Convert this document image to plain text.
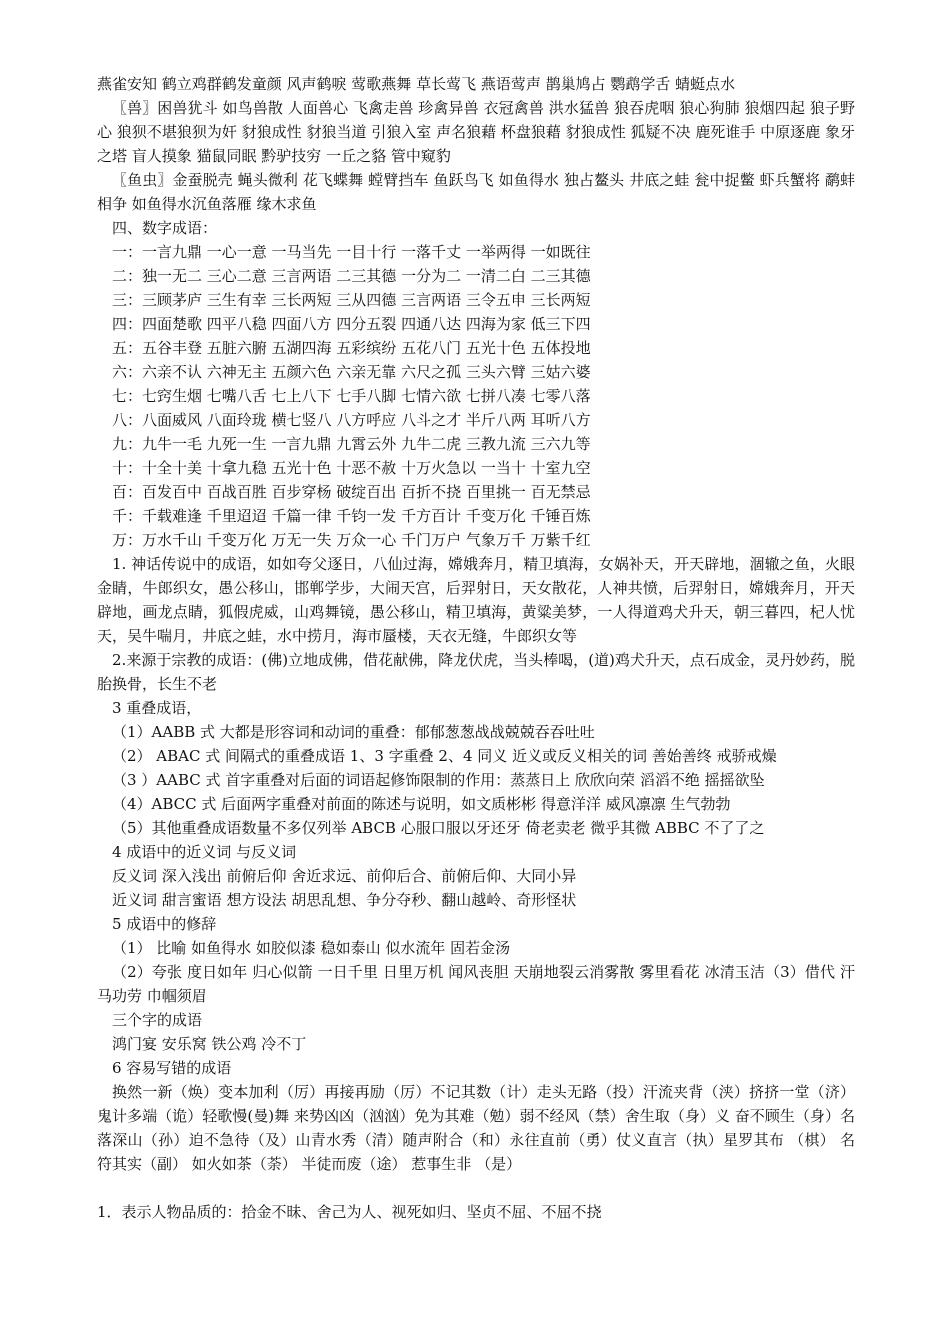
燕雀安知 鹤立鸡群鹤发童颜 风声鹤唳 莺歌燕舞 草长莺飞 燕语莺声 鹊巢鸠占 鹦鹉学舌 蜻蜓点水

〖兽〗困兽犹斗 如鸟兽散 人面兽心 飞禽走兽 珍禽异兽 衣冠禽兽 洪水猛兽 狼吞虎咽 狼心狗肺 狼烟四起 狼子野心 狼狈不堪狼狈为奸 豺狼成性 豺狼当道 引狼入室 声名狼藉 杯盘狼藉 豺狼成性 狐疑不决 鹿死谁手 中原逐鹿 象牙之塔 盲人摸象 猫鼠同眠 黔驴技穷 一丘之貉 管中窥豹

〖鱼虫〗金蚕脱壳 蝇头微利 花飞蝶舞 螳臂挡车 鱼跃鸟飞 如鱼得水 独占鳌头 井底之蛙 瓮中捉鳖 虾兵蟹将 鹬蚌相争 如鱼得水沉鱼落雁 缘木求鱼

四、数字成语：

一：一言九鼎 一心一意 一马当先 一目十行 一落千丈 一举两得 一如既往

二：独一无二 三心二意 三言两语 二三其德 一分为二 一清二白 二三其德

三：三顾茅庐 三生有幸 三长两短 三从四德 三言两语 三令五申 三长两短

四：四面楚歌 四平八稳 四面八方 四分五裂 四通八达 四海为家 低三下四

五：五谷丰登 五脏六腑 五湖四海 五彩缤纷 五花八门 五光十色 五体投地

六：六亲不认 六神无主 五颜六色 六亲无靠 六尺之孤 三头六臂 三姑六婆

七：七窍生烟 七嘴八舌 七上八下 七手八脚 七情六欲 七拼八凑 七零八落

八：八面威风 八面玲珑 横七竖八 八方呼应 八斗之才 半斤八两 耳听八方

九：九牛一毛 九死一生 一言九鼎 九霄云外 九牛二虎 三教九流 三六九等

十：十全十美 十拿九稳 五光十色 十恶不赦 十万火急以 一当十 十室九空

百：百发百中 百战百胜 百步穿杨 破绽百出 百折不挠 百里挑一 百无禁忌

千：千载难逢 千里迢迢 千篇一律 千钧一发 千方百计 千变万化 千锤百炼

万：万水千山 千变万化 万无一失 万众一心 千门万户 气象万千 万紫千红

1. 神话传说中的成语，如如夸父逐日，八仙过海，嫦娥奔月，精卫填海，女娲补天，开天辟地，涸辙之鱼，火眼金睛，牛郎织女，愚公移山，邯郸学步，大闹天宫，后羿射日，天女散花，人神共愤，后羿射日，嫦娥奔月，开天辟地，画龙点睛，狐假虎威，山鸡舞镜，愚公移山，精卫填海，黄粱美梦，一人得道鸡犬升天，朝三暮四，杞人忧天，吴牛喘月，井底之蛙，水中捞月，海市蜃楼，天衣无缝，牛郎织女等

2.来源于宗教的成语：(佛)立地成佛，借花献佛，降龙伏虎，当头棒喝，(道)鸡犬升天，点石成金，灵丹妙药，脱胎换骨，长生不老

3 重叠成语，

（1）AABB 式 大都是形容词和动词的重叠：郁郁葱葱战战兢兢吞吞吐吐

（2） ABAC 式 间隔式的重叠成语 1、3 字重叠 2、4 同义 近义或反义相关的词 善始善终 戒骄戒燥

（3 ）AABC 式 首字重叠对后面的词语起修饰限制的作用：蒸蒸日上 欣欣向荣 滔滔不绝 摇摇欲坠

（4）ABCC 式 后面两字重叠对前面的陈述与说明，如文质彬彬 得意洋洋 威风凛凛 生气勃勃

（5）其他重叠成语数量不多仅列举 ABCB 心服口服以牙还牙 倚老卖老 微乎其微 ABBC 不了了之

4 成语中的近义词 与反义词

反义词 深入浅出 前俯后仰 舍近求远、前仰后合、前俯后仰、大同小异

近义词 甜言蜜语 想方设法 胡思乱想、争分夺秒、翻山越岭、奇形怪状

5 成语中的修辞

（1） 比喻 如鱼得水 如胶似漆 稳如泰山 似水流年 固若金汤

（2）夸张 度日如年 归心似箭 一日千里 日里万机 闻风丧胆 天崩地裂云消雾散 雾里看花 冰清玉洁（3）借代 汗马功劳 巾帼须眉

三个字的成语

鸿门宴 安乐窝 铁公鸡 冷不丁

6 容易写错的成语

换然一新（焕）变本加利（厉）再接再励（厉）不记其数（计）走头无路（投）汗流夹背（浃）挤挤一堂（济）鬼计多端（诡）轻歌慢(曼)舞 来势凶凶（汹汹）免为其难（勉）弱不经风（禁）舍生取（身）义 奋不顾生（身）名落深山（孙）迫不急待（及）山青水秀（清）随声附合（和）永往直前（勇）仗义直言（执）星罗其布 （棋） 名符其实（副） 如火如茶（荼） 半徒而废（途） 惹事生非 （是）

1．表示人物品质的：拾金不昧、舍己为人、视死如归、坚贞不屈、不屈不挠
